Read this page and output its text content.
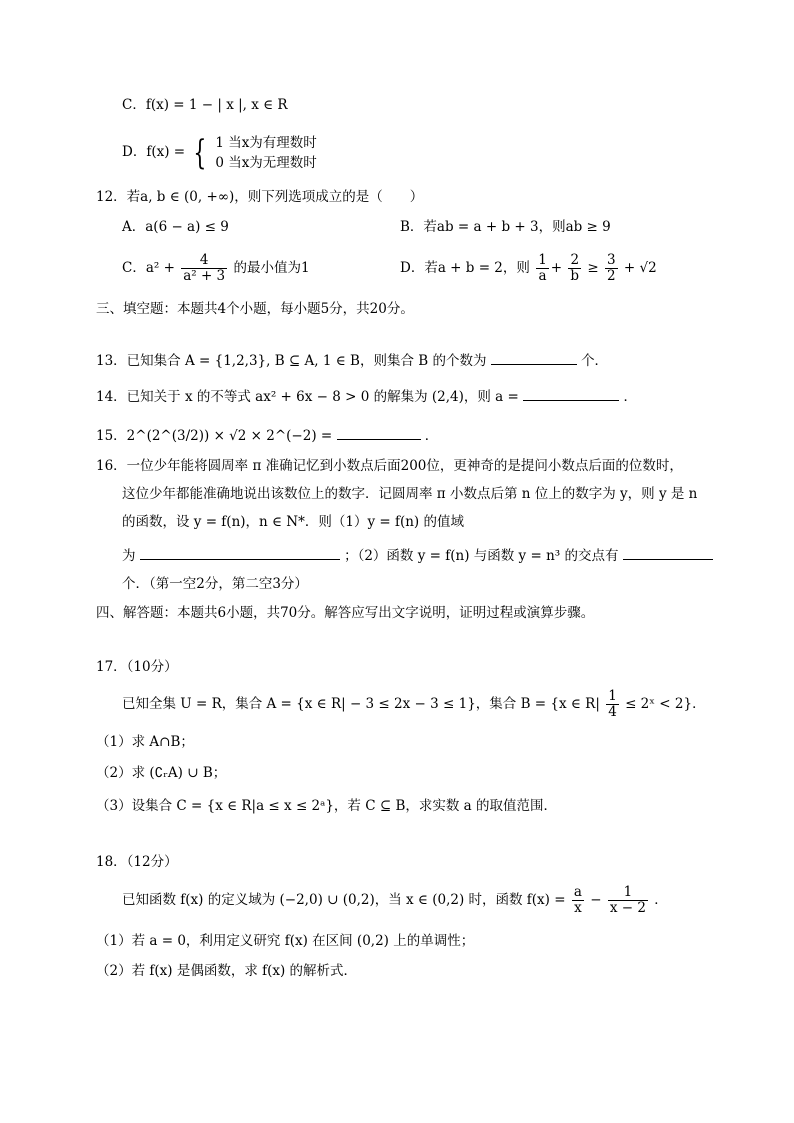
C．f(x) = 1 − | x |, x ∈ R
D．f(x) = { 1 当x为有理数时
0 当x为无理数时
12．若a, b ∈ (0, +∞)，则下列选项成立的是（　　）
A．a(6 − a) ≤ 9	B．若ab = a + b + 3，则ab ≥ 9
C．$a^2 + \frac{4}{\text{a² + 3}}$ 的最小值为1	D．若a + b = 2，则 $\frac{1}{a} + \frac{2}{b} \ge \frac{3}{2} + √2$
三、填空题：本题共4个小题，每小题5分，共20分。
13．已知集合 A = {1,2,3}, B ⊆ A, 1 ∈ B，则集合 B 的个数为	个．
14．已知关于 x 的不等式 ax² + 6x − 8 > 0 的解集为 (2,4)，则 a =	．
15．2^(2^(3/2)) × √2 × 2^(−2) =	．
16．一位少年能将圆周率 π 准确记忆到小数点后面200位，更神奇的是提问小数点后面的位数时，
这位少年都能准确地说出该数位上的数字．记圆周率 π 小数点后第 n 位上的数字为 y，则 y 是 n
的函数，设 y = f(n)，n ∈ N*．则（1）y = f(n) 的值域
为	；（2）函数 y = f(n) 与函数 y = n³ 的交点有
个．（第一空2分，第二空3分）
四、解答题：本题共6小题，共70分。解答应写出文字说明，证明过程或演算步骤。
17．（10分）
已知全集 U = R，集合 A = {x ∈ R| − 3 ≤ 2x − 3 ≤ 1}，集合 B = {x ∈ $R| \frac{1}{4}$ ≤ 2ˣ < 2}．
（1）求 A∩B；
（2）求 (∁ᵣA) ∪ B；
（3）设集合 C = {x ∈ R|a ≤ x ≤ 2ᵃ}，若 C ⊆ B，求实数 a 的取值范围．
18．（12分）
已知函数 f(x) 的定义域为 (−2,0) ∪ (0,2)，当 x ∈ (0,2) 时，函数 $f(x) = \frac{a}{x} - \frac{1}{x - 2}$ ．
（1）若 a = 0，利用定义研究 f(x) 在区间 (0,2) 上的单调性；
（2）若 f(x) 是偶函数，求 f(x) 的解析式．
